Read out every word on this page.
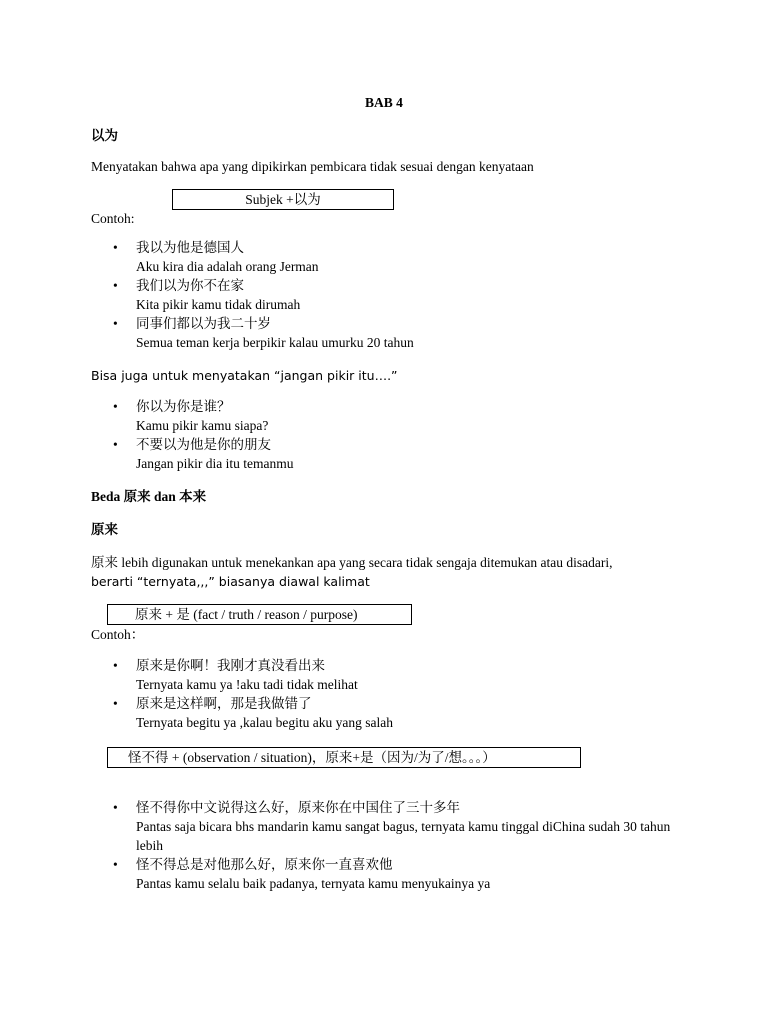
BAB 4
以为
Menyatakan bahwa apa yang dipikirkan pembicara tidak sesuai dengan kenyataan
Subjek +以为
Contoh:
• 我以为他是德国人
Aku kira dia adalah orang Jerman
• 我们以为你不在家
Kita pikir kamu tidak dirumah
• 同事们都以为我二十岁
Semua teman kerja berpikir kalau umurku 20 tahun
Bisa juga untuk menyatakan “jangan pikir itu….”
• 你以为你是谁？
Kamu pikir kamu siapa?
• 不要以为他是你的朋友
Jangan pikir dia itu temanmu
Beda 原来 dan 本来
原来
原来 lebih digunakan untuk menekankan apa yang secara tidak sengaja ditemukan atau disadari,
berarti “ternyata,,,” biasanya diawal kalimat
原来 + 是 (fact / truth / reason / purpose)
Contoh：
• 原来是你啊！我刚才真没看出来
Ternyata kamu ya !aku tadi tidak melihat
• 原来是这样啊，那是我做错了
Ternyata begitu ya ,kalau begitu aku yang salah
怪不得 + (observation / situation)，原来+是（因为/为了/想。。。）
• 怪不得你中文说得这么好，原来你在中国住了三十多年
Pantas saja bicara bhs mandarin kamu sangat bagus, ternyata kamu tinggal diChina sudah 30 tahun lebih
• 怪不得总是对他那么好，原来你一直喜欢他
Pantas kamu selalu baik padanya, ternyata kamu menyukainya ya
